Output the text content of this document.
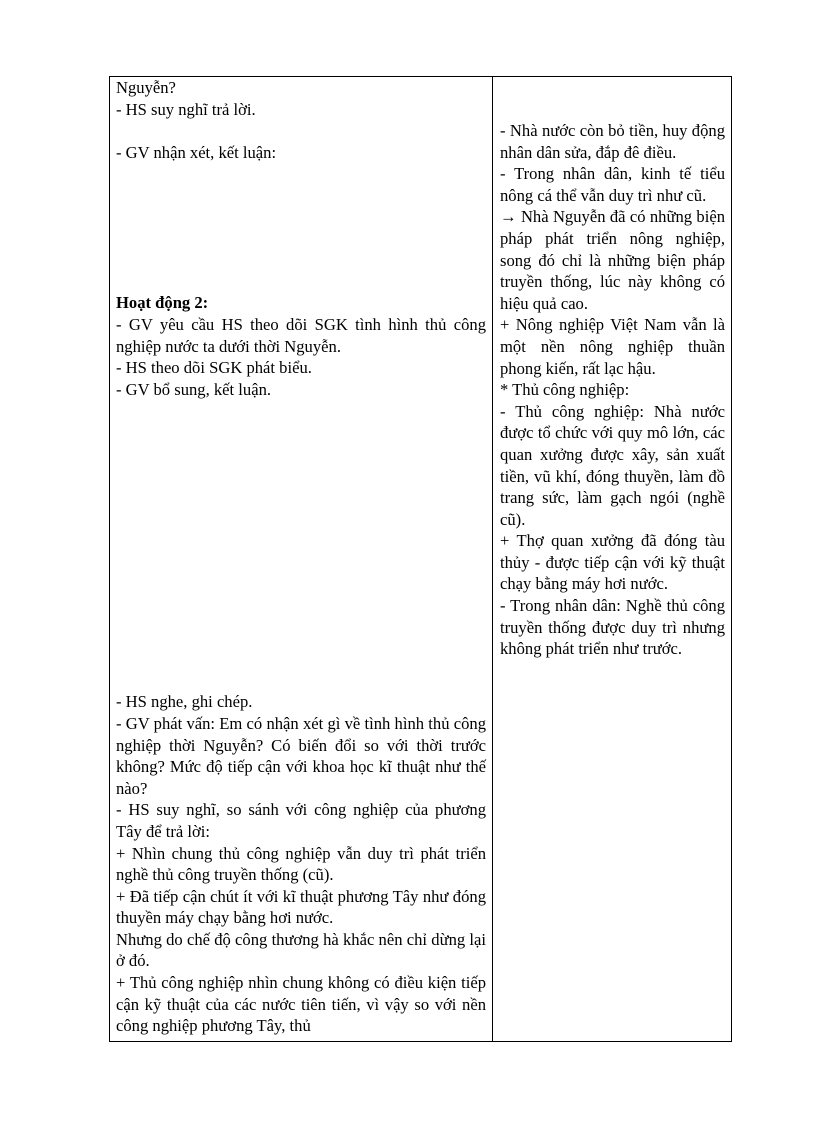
Nguyễn?

- HS suy nghĩ trả lời.

- GV nhận xét, kết luận:

Hoạt động 2:

- GV yêu cầu HS theo dõi SGK tình hình thủ công nghiệp nước ta dưới thời Nguyễn.

- HS theo dõi SGK phát biểu.

- GV bổ sung, kết luận.

- HS nghe, ghi chép.

- GV phát vấn: Em có nhận xét gì về tình hình thủ công nghiệp thời Nguyễn? Có biến đổi so với thời trước không? Mức độ tiếp cận với khoa học kĩ thuật như thế nào?

- HS suy nghĩ, so sánh với công nghiệp của phương Tây để trả lời:

+ Nhìn chung thủ công nghiệp vẫn duy trì phát triển nghề thủ công truyền thống (cũ).

+ Đã tiếp cận chút ít với kĩ thuật phương Tây như đóng thuyền máy chạy bằng hơi nước.

Nhưng do chế độ công thương hà khắc nên chỉ dừng lại ở đó.

+ Thủ công nghiệp nhìn chung không có điều kiện tiếp cận kỹ thuật của các nước tiên tiến, vì vậy so với nền công nghiệp phương Tây, thủ

- Nhà nước còn bỏ tiền, huy động nhân dân sửa, đắp đê điều.

- Trong nhân dân, kinh tế tiểu nông cá thể vẫn duy trì như cũ.

→ Nhà Nguyễn đã có những biện pháp phát triển nông nghiệp, song đó chỉ là những biện pháp truyền thống, lúc này không có hiệu quả cao.

+ Nông nghiệp Việt Nam vẫn là một nền nông nghiệp thuần phong kiến, rất lạc hậu.

* Thủ công nghiệp:

- Thủ công nghiệp: Nhà nước được tổ chức với quy mô lớn, các quan xưởng được xây, sản xuất tiền, vũ khí, đóng thuyền, làm đồ trang sức, làm gạch ngói (nghề cũ).

+ Thợ quan xưởng đã đóng tàu thủy - được tiếp cận với kỹ thuật chạy bằng máy hơi nước.

- Trong nhân dân: Nghề thủ công truyền thống được duy trì nhưng không phát triển như trước.
